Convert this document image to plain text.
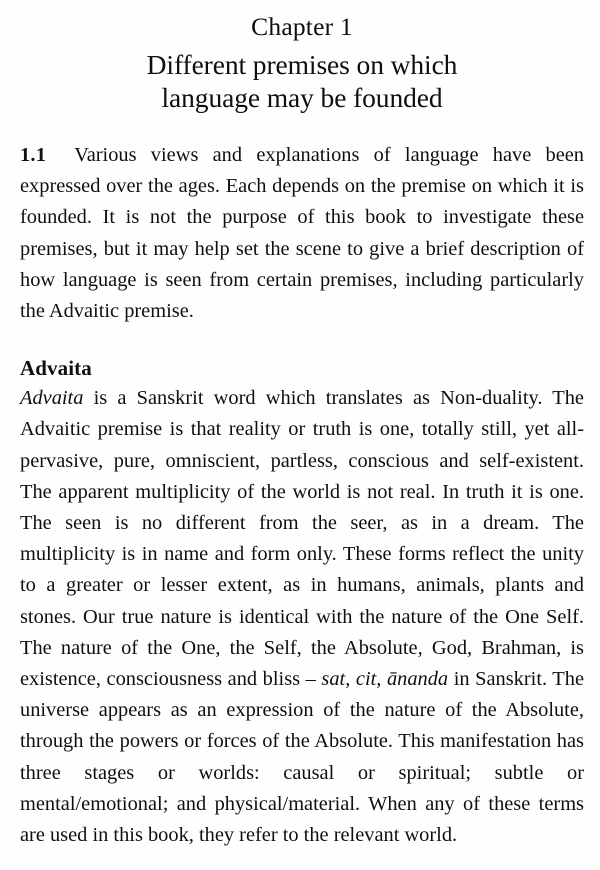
Chapter 1
Different premises on which
language may be founded

1.1 Various views and explanations of language have been expressed over the ages. Each depends on the premise on which it is founded. It is not the purpose of this book to investigate these premises, but it may help set the scene to give a brief description of how language is seen from certain premises, including particularly the Advaitic premise.

Advaita

Advaita is a Sanskrit word which translates as Non-duality. The Advaitic premise is that reality or truth is one, totally still, yet all-pervasive, pure, omniscient, partless, conscious and self-existent. The apparent multiplicity of the world is not real. In truth it is one. The seen is no different from the seer, as in a dream. The multiplicity is in name and form only. These forms reflect the unity to a greater or lesser extent, as in humans, animals, plants and stones. Our true nature is identical with the nature of the One Self. The nature of the One, the Self, the Absolute, God, Brahman, is existence, consciousness and bliss – sat, cit, ānanda in Sanskrit. The universe appears as an expression of the nature of the Absolute, through the powers or forces of the Absolute. This manifestation has three stages or worlds: causal or spiritual; subtle or mental/emotional; and physical/material. When any of these terms are used in this book, they refer to the relevant world.
